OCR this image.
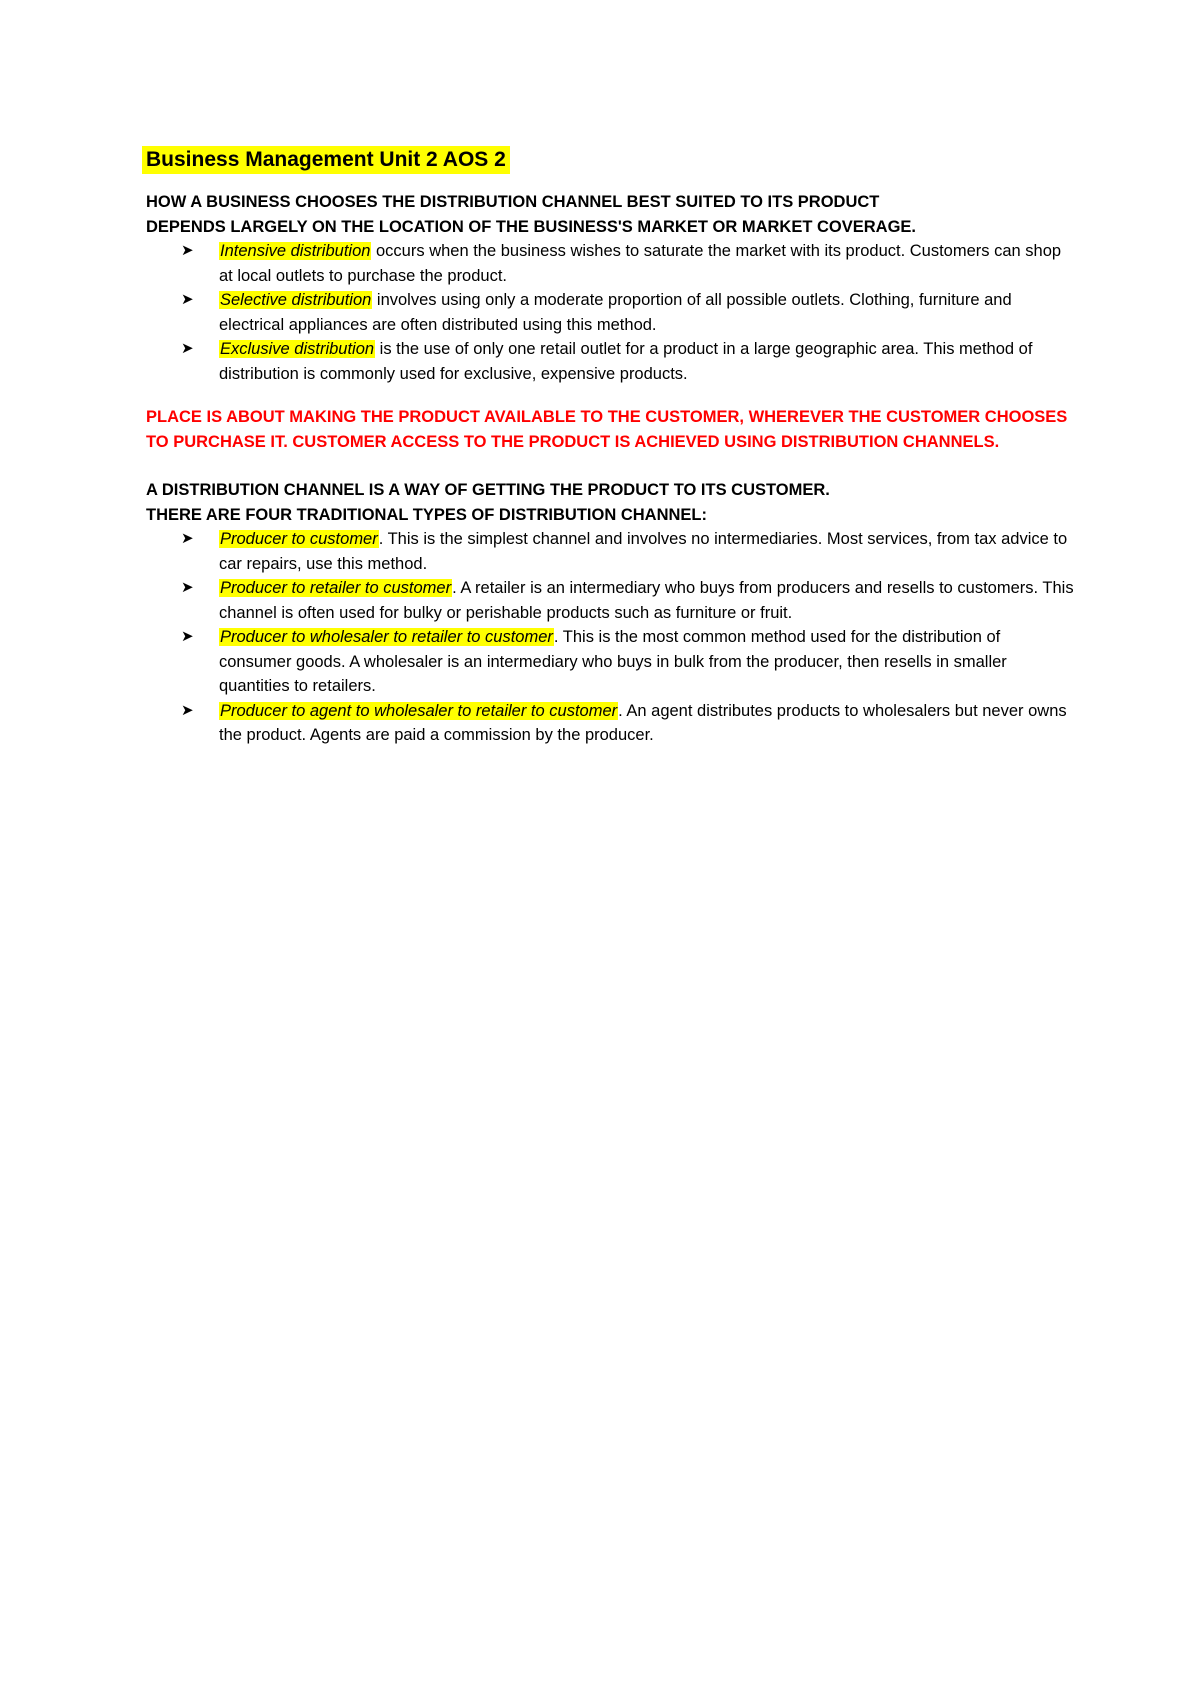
Business Management Unit 2 AOS 2

HOW A BUSINESS CHOOSES THE DISTRIBUTION CHANNEL BEST SUITED TO ITS PRODUCT

DEPENDS LARGELY ON THE LOCATION OF THE BUSINESS'S MARKET OR MARKET COVERAGE.

➤ Intensive distribution occurs when the business wishes to saturate the market with its product. Customers can shop at local outlets to purchase the product.
➤ Selective distribution involves using only a moderate proportion of all possible outlets. Clothing, furniture and electrical appliances are often distributed using this method.
➤ Exclusive distribution is the use of only one retail outlet for a product in a large geographic area. This method of distribution is commonly used for exclusive, expensive products.

PLACE IS ABOUT MAKING THE PRODUCT AVAILABLE TO THE CUSTOMER, WHEREVER THE CUSTOMER CHOOSES TO PURCHASE IT. CUSTOMER ACCESS TO THE PRODUCT IS ACHIEVED USING DISTRIBUTION CHANNELS.

A DISTRIBUTION CHANNEL IS A WAY OF GETTING THE PRODUCT TO ITS CUSTOMER.

THERE ARE FOUR TRADITIONAL TYPES OF DISTRIBUTION CHANNEL:

➤ Producer to customer. This is the simplest channel and involves no intermediaries. Most services, from tax advice to car repairs, use this method.
➤ Producer to retailer to customer. A retailer is an intermediary who buys from producers and resells to customers. This channel is often used for bulky or perishable products such as furniture or fruit.
➤ Producer to wholesaler to retailer to customer. This is the most common method used for the distribution of consumer goods. A wholesaler is an intermediary who buys in bulk from the producer, then resells in smaller quantities to retailers.
➤ Producer to agent to wholesaler to retailer to customer. An agent distributes products to wholesalers but never owns the product. Agents are paid a commission by the producer.
